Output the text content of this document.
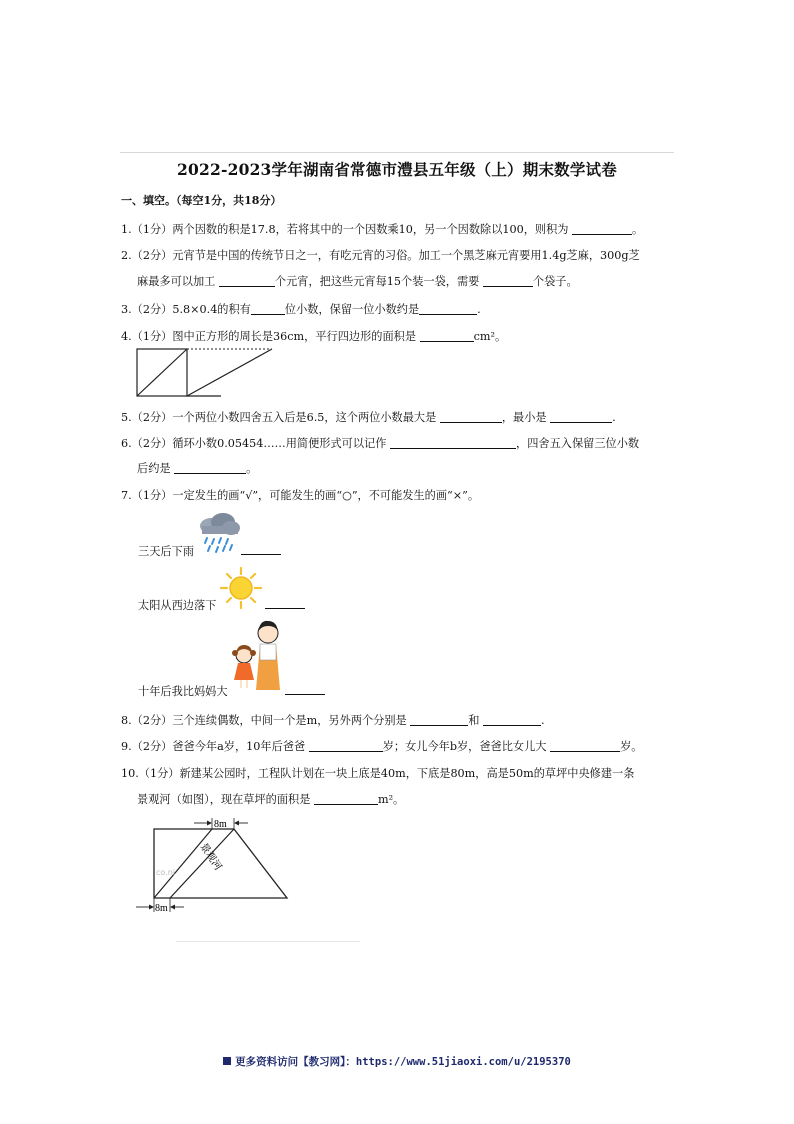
2022-2023学年湖南省常德市澧县五年级（上）期末数学试卷
一、填空。（每空1分，共18分）
1.（1分）两个因数的积是17.8，若将其中的一个因数乘10，另一个因数除以100，则积为	。
2.（2分）元宵节是中国的传统节日之一，有吃元宵的习俗。加工一个黑芝麻元宵要用1.4g芝麻，300g芝
麻最多可以加工	个元宵，把这些元宵每15个装一袋，需要	个袋子。
3.（2分）5.8×0.4的积有	位小数，保留一位小数约是	.
4.（1分）图中正方形的周长是36cm，平行四边形的面积是	cm²。
5.（2分）一个两位小数四舍五入后是6.5，这个两位小数最大是	，最小是	.
6.（2分）循环小数0.05454……用简便形式可以记作	，四舍五入保留三位小数
后约是	。
7.（1分）一定发生的画“√”，可能发生的画“○”，不可能发生的画“×”。
三天后下雨
太阳从西边落下
十年后我比妈妈大
8.（2分）三个连续偶数，中间一个是m，另外两个分别是	和	.
9.（2分）爸爸今年a岁，10年后爸爸	岁；女儿今年b岁，爸爸比女儿大	岁。
10.（1分）新建某公园时，工程队计划在一块上底是40m，下底是80m，高是50m的草坪中央修建一条
景观河（如图），现在草坪的面积是	m²。
8m
8m
景观河
co.ni
更多资料访问【教习网】：https://www.51jiaoxi.com/u/2195370
